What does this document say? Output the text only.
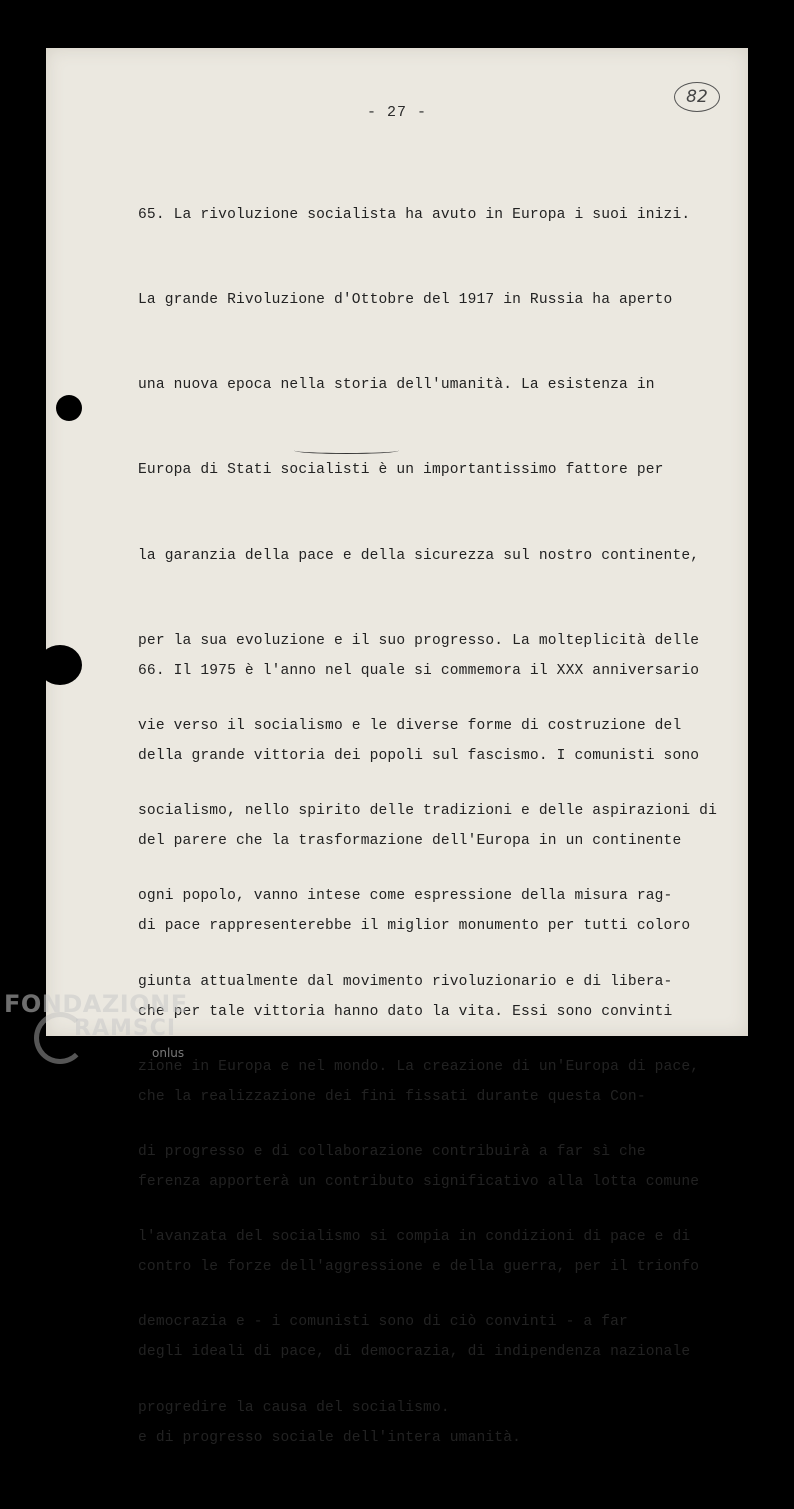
- 27 -
82

65. La rivoluzione socialista ha avuto in Europa i suoi inizi.

La grande Rivoluzione d'Ottobre del 1917 in Russia ha aperto

una nuova epoca nella storia dell'umanità. La esistenza in

Europa di Stati socialisti è un importantissimo fattore per

la garanzia della pace e della sicurezza sul nostro continente,

per la sua evoluzione e il suo progresso. La molteplicità delle

vie verso il socialismo e le diverse forme di costruzione del

socialismo, nello spirito delle tradizioni e delle aspirazioni di

ogni popolo, vanno intese come espressione della misura rag-

giunta attualmente dal movimento rivoluzionario e di libera-

zione in Europa e nel mondo. La creazione di un'Europa di pace,

di progresso e di collaborazione contribuirà a far sì che

l'avanzata del socialismo si compia in condizioni di pace e di

democrazia e - i comunisti sono di ciò convinti - a far

progredire la causa del socialismo.

66. Il 1975 è l'anno nel quale si commemora il XXX anniversario

della grande vittoria dei popoli sul fascismo. I comunisti sono

del parere che la trasformazione dell'Europa in un continente

di pace rappresenterebbe il miglior monumento per tutti coloro

che per tale vittoria hanno dato la vita. Essi sono convinti

che la realizzazione dei fini fissati durante questa Con-

ferenza apporterà un contributo significativo alla lotta comune

contro le forze dell'aggressione e della guerra, per il trionfo

degli ideali di pace, di democrazia, di indipendenza nazionale

e di progresso sociale dell'intera umanità.

FONDAZIONE
RAMSCI
onlus
